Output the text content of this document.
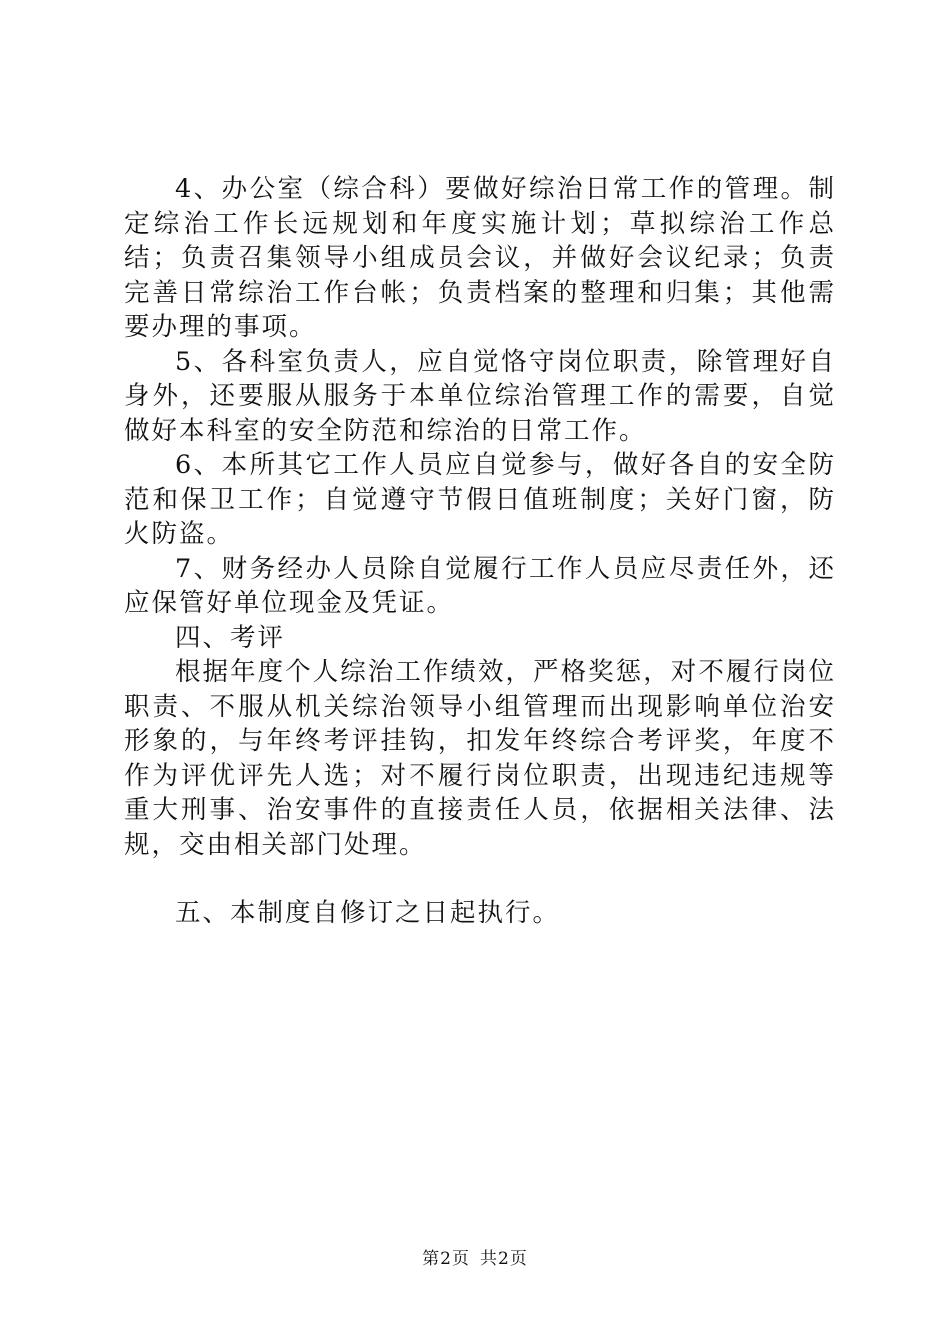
4、办公室（综合科）要做好综治日常工作的管理。制定综治工作长远规划和年度实施计划；草拟综治工作总结；负责召集领导小组成员会议，并做好会议纪录；负责完善日常综治工作台帐；负责档案的整理和归集；其他需要办理的事项。

5、各科室负责人，应自觉恪守岗位职责，除管理好自身外，还要服从服务于本单位综治管理工作的需要，自觉做好本科室的安全防范和综治的日常工作。

6、本所其它工作人员应自觉参与，做好各自的安全防范和保卫工作；自觉遵守节假日值班制度；关好门窗，防火防盗。

7、财务经办人员除自觉履行工作人员应尽责任外，还应保管好单位现金及凭证。

四、考评

根据年度个人综治工作绩效，严格奖惩，对不履行岗位职责、不服从机关综治领导小组管理而出现影响单位治安形象的，与年终考评挂钩，扣发年终综合考评奖，年度不作为评优评先人选；对不履行岗位职责，出现违纪违规等重大刑事、治安事件的直接责任人员，依据相关法律、法规，交由相关部门处理。

五、本制度自修订之日起执行。

第2页 共2页
